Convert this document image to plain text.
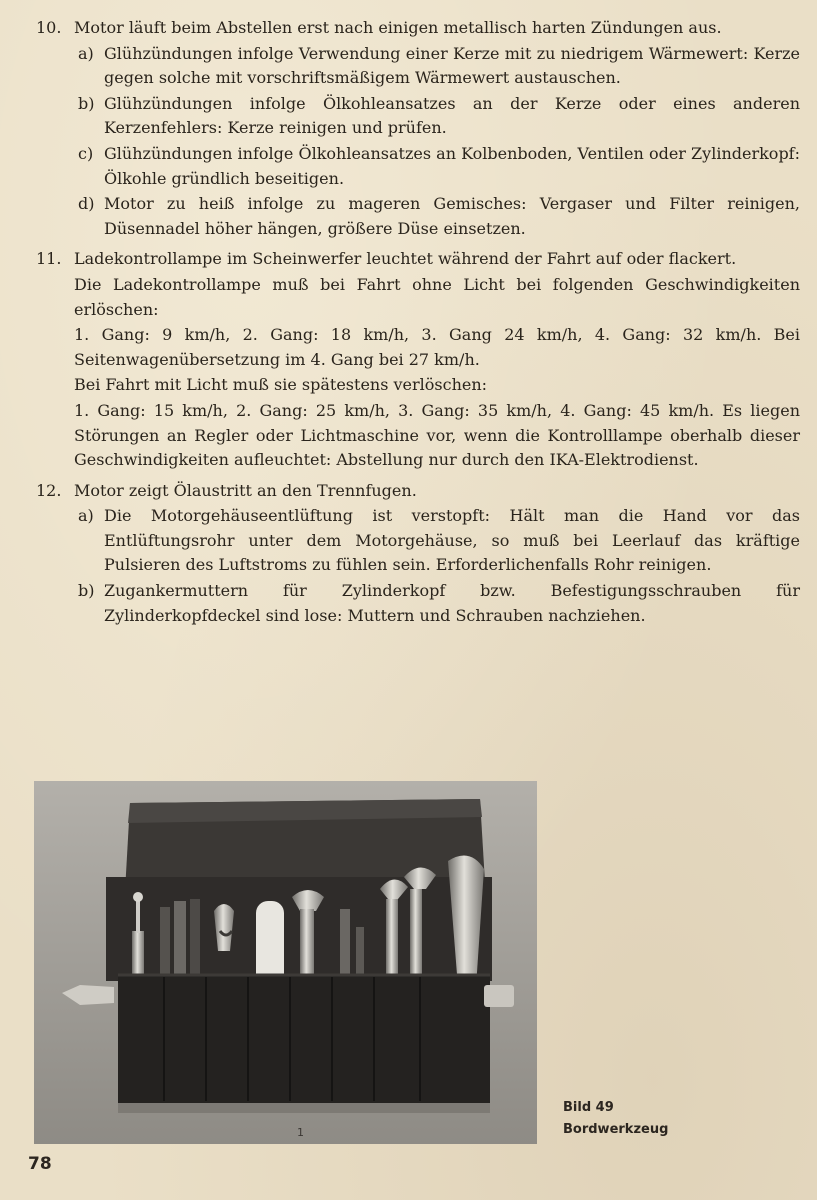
10. Motor läuft beim Abstellen erst nach einigen metallisch harten Zündungen aus.

a) Glühzündungen infolge Verwendung einer Kerze mit zu niedrigem Wärmewert: Kerze gegen solche mit vorschriftsmäßigem Wärmewert austauschen.
b) Glühzündungen infolge Ölkohleansatzes an der Kerze oder eines anderen Kerzenfehlers: Kerze reinigen und prüfen.
c) Glühzündungen infolge Ölkohleansatzes an Kolbenboden, Ventilen oder Zylinderkopf: Ölkohle gründlich beseitigen.
d) Motor zu heiß infolge zu mageren Gemisches: Vergaser und Filter reinigen, Düsennadel höher hängen, größere Düse einsetzen.
11. Ladekontrollampe im Scheinwerfer leuchtet während der Fahrt auf oder flackert.

Die Ladekontrollampe muß bei Fahrt ohne Licht bei folgenden Geschwindigkeiten erlöschen:

1. Gang: 9 km/h, 2. Gang: 18 km/h, 3. Gang 24 km/h, 4. Gang: 32 km/h. Bei Seitenwagenübersetzung im 4. Gang bei 27 km/h.

Bei Fahrt mit Licht muß sie spätestens verlöschen:

1. Gang: 15 km/h, 2. Gang: 25 km/h, 3. Gang: 35 km/h, 4. Gang: 45 km/h. Es liegen Störungen an Regler oder Lichtmaschine vor, wenn die Kontrolllampe oberhalb dieser Geschwindigkeiten aufleuchtet: Abstellung nur durch den IKA-Elektrodienst.

12. Motor zeigt Ölaustritt an den Trennfugen.

a) Die Motorgehäuseentlüftung ist verstopft: Hält man die Hand vor das Entlüftungsrohr unter dem Motorgehäuse, so muß bei Leerlauf das kräftige Pulsieren des Luftstroms zu fühlen sein. Erforderlichenfalls Rohr reinigen.
b) Zugankermuttern für Zylinderkopf bzw. Befestigungsschrauben für Zylinderkopfdeckel sind lose: Muttern und Schrauben nachziehen.
1
Bild 49
Bordwerkzeug
78
